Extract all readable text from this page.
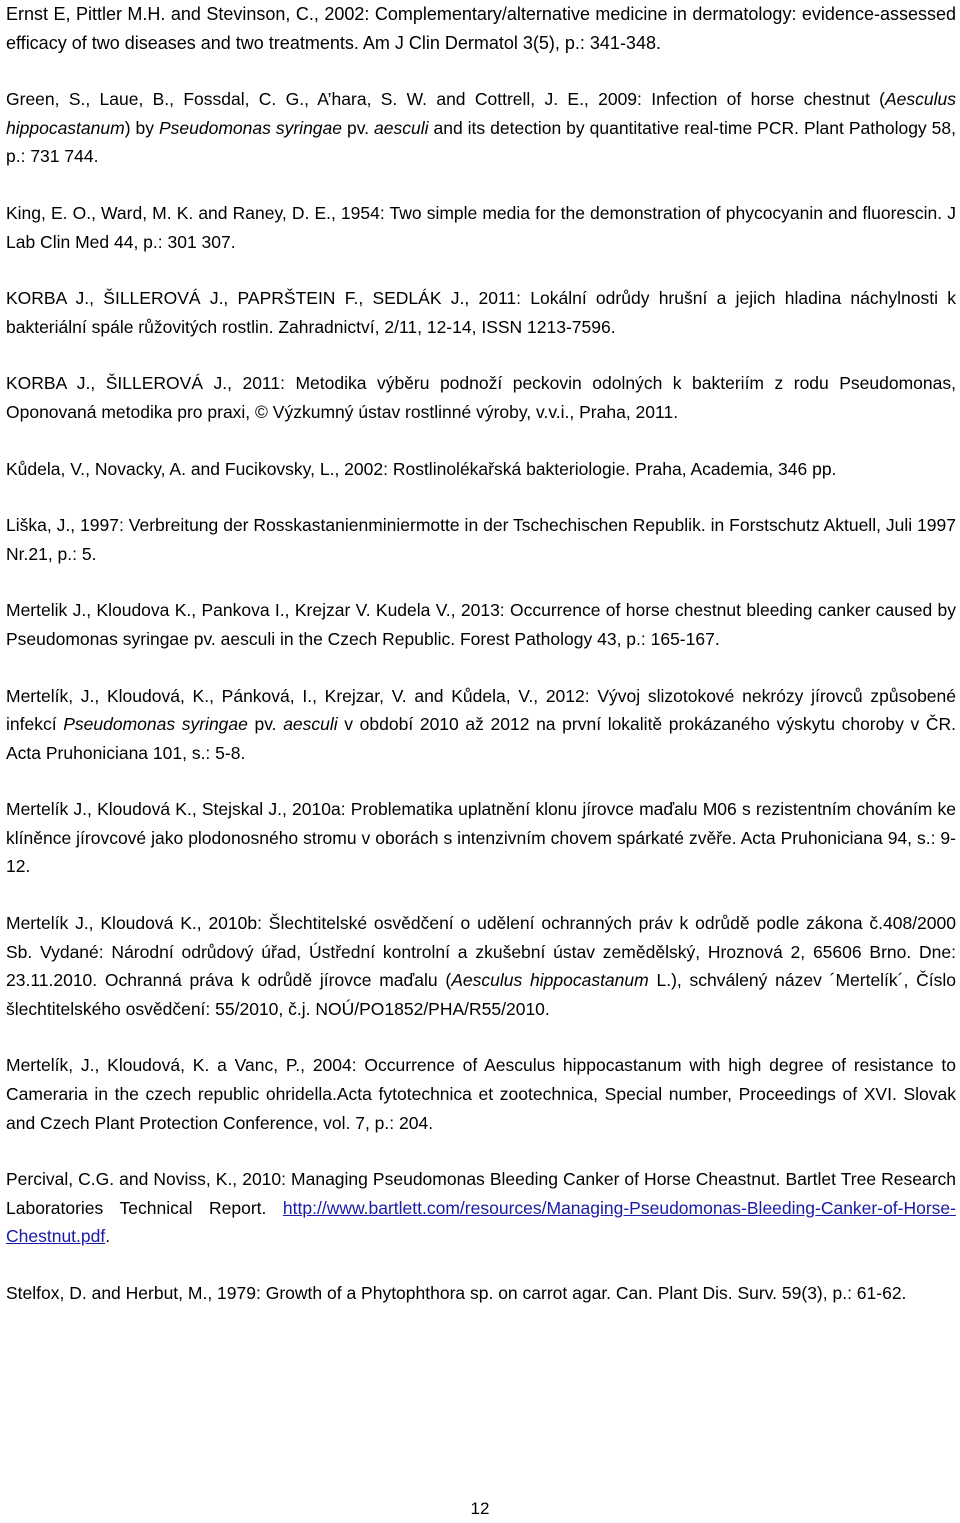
Ernst E, Pittler M.H. and Stevinson, C., 2002: Complementary/alternative medicine in dermatology: evidence-assessed efficacy of two diseases and two treatments. Am J Clin Dermatol 3(5), p.: 341-348.

Green, S., Laue, B., Fossdal, C. G., A’hara, S. W. and Cottrell, J. E., 2009: Infection of horse chestnut (Aesculus hippocastanum) by Pseudomonas syringae pv. aesculi and its detection by quantitative real-time PCR. Plant Pathology 58, p.: 731 744.

King, E. O., Ward, M. K. and Raney, D. E., 1954: Two simple media for the demonstration of phycocyanin and fluorescin. J Lab Clin Med 44, p.: 301 307.

KORBA J., ŠILLEROVÁ J., PAPRŠTEIN F., SEDLÁK J., 2011: Lokální odrůdy hrušní a jejich hladina náchylnosti k bakteriální spále růžovitých rostlin. Zahradnictví, 2/11, 12-14, ISSN 1213-7596.

KORBA J., ŠILLEROVÁ J., 2011: Metodika výběru podnoží peckovin odolných k bakteriím z rodu Pseudomonas, Oponovaná metodika pro praxi, © Výzkumný ústav rostlinné výroby, v.v.i., Praha, 2011.

Kůdela, V., Novacky, A. and Fucikovsky, L., 2002: Rostlinolékařská bakteriologie. Praha, Academia, 346 pp.

Liška, J., 1997: Verbreitung der Rosskastanienminiermotte in der Tschechischen Republik. in Forstschutz Aktuell, Juli 1997 Nr.21, p.: 5.

Mertelik J., Kloudova K., Pankova I., Krejzar V. Kudela V., 2013: Occurrence of horse chestnut bleeding canker caused by Pseudomonas syringae pv. aesculi in the Czech Republic. Forest Pathology 43, p.: 165-167.

Mertelík, J., Kloudová, K., Pánková, I., Krejzar, V. and Kůdela, V., 2012: Vývoj slizotokové nekrózy jírovců způsobené infekcí Pseudomonas syringae pv. aesculi v období 2010 až 2012 na první lokalitě prokázaného výskytu choroby v ČR. Acta Pruhoniciana 101, s.: 5-8.

Mertelík J., Kloudová K., Stejskal J., 2010a: Problematika uplatnění klonu jírovce maďalu M06 s rezistentním chováním ke klíněnce jírovcové jako plodonosného stromu v oborách s intenzivním chovem spárkaté zvěře. Acta Pruhoniciana 94, s.: 9-12.

Mertelík J., Kloudová K., 2010b: Šlechtitelské osvědčení o udělení ochranných práv k odrůdě podle zákona č.408/2000 Sb. Vydané: Národní odrůdový úřad, Ústřední kontrolní a zkušební ústav zemědělský, Hroznová 2, 65606 Brno. Dne: 23.11.2010. Ochranná práva k odrůdě jírovce maďalu (Aesculus hippocastanum L.), schválený název ´Mertelík´, Číslo šlechtitelského osvědčení: 55/2010, č.j. NOÚ/PO1852/PHA/R55/2010.

Mertelík, J., Kloudová, K. a Vanc, P., 2004: Occurrence of Aesculus hippocastanum with high degree of resistance to Cameraria in the czech republic ohridella.Acta fytotechnica et zootechnica, Special number, Proceedings of XVI. Slovak and Czech Plant Protection Conference, vol. 7, p.: 204.

Percival, C.G. and Noviss, K., 2010: Managing Pseudomonas Bleeding Canker of Horse Cheastnut. Bartlet Tree Research Laboratories Technical Report. http://www.bartlett.com/resources/Managing-Pseudomonas-Bleeding-Canker-of-Horse-Chestnut.pdf.

Stelfox, D. and Herbut, M., 1979: Growth of a Phytophthora sp. on carrot agar. Can. Plant Dis. Surv. 59(3), p.: 61-62.

12
